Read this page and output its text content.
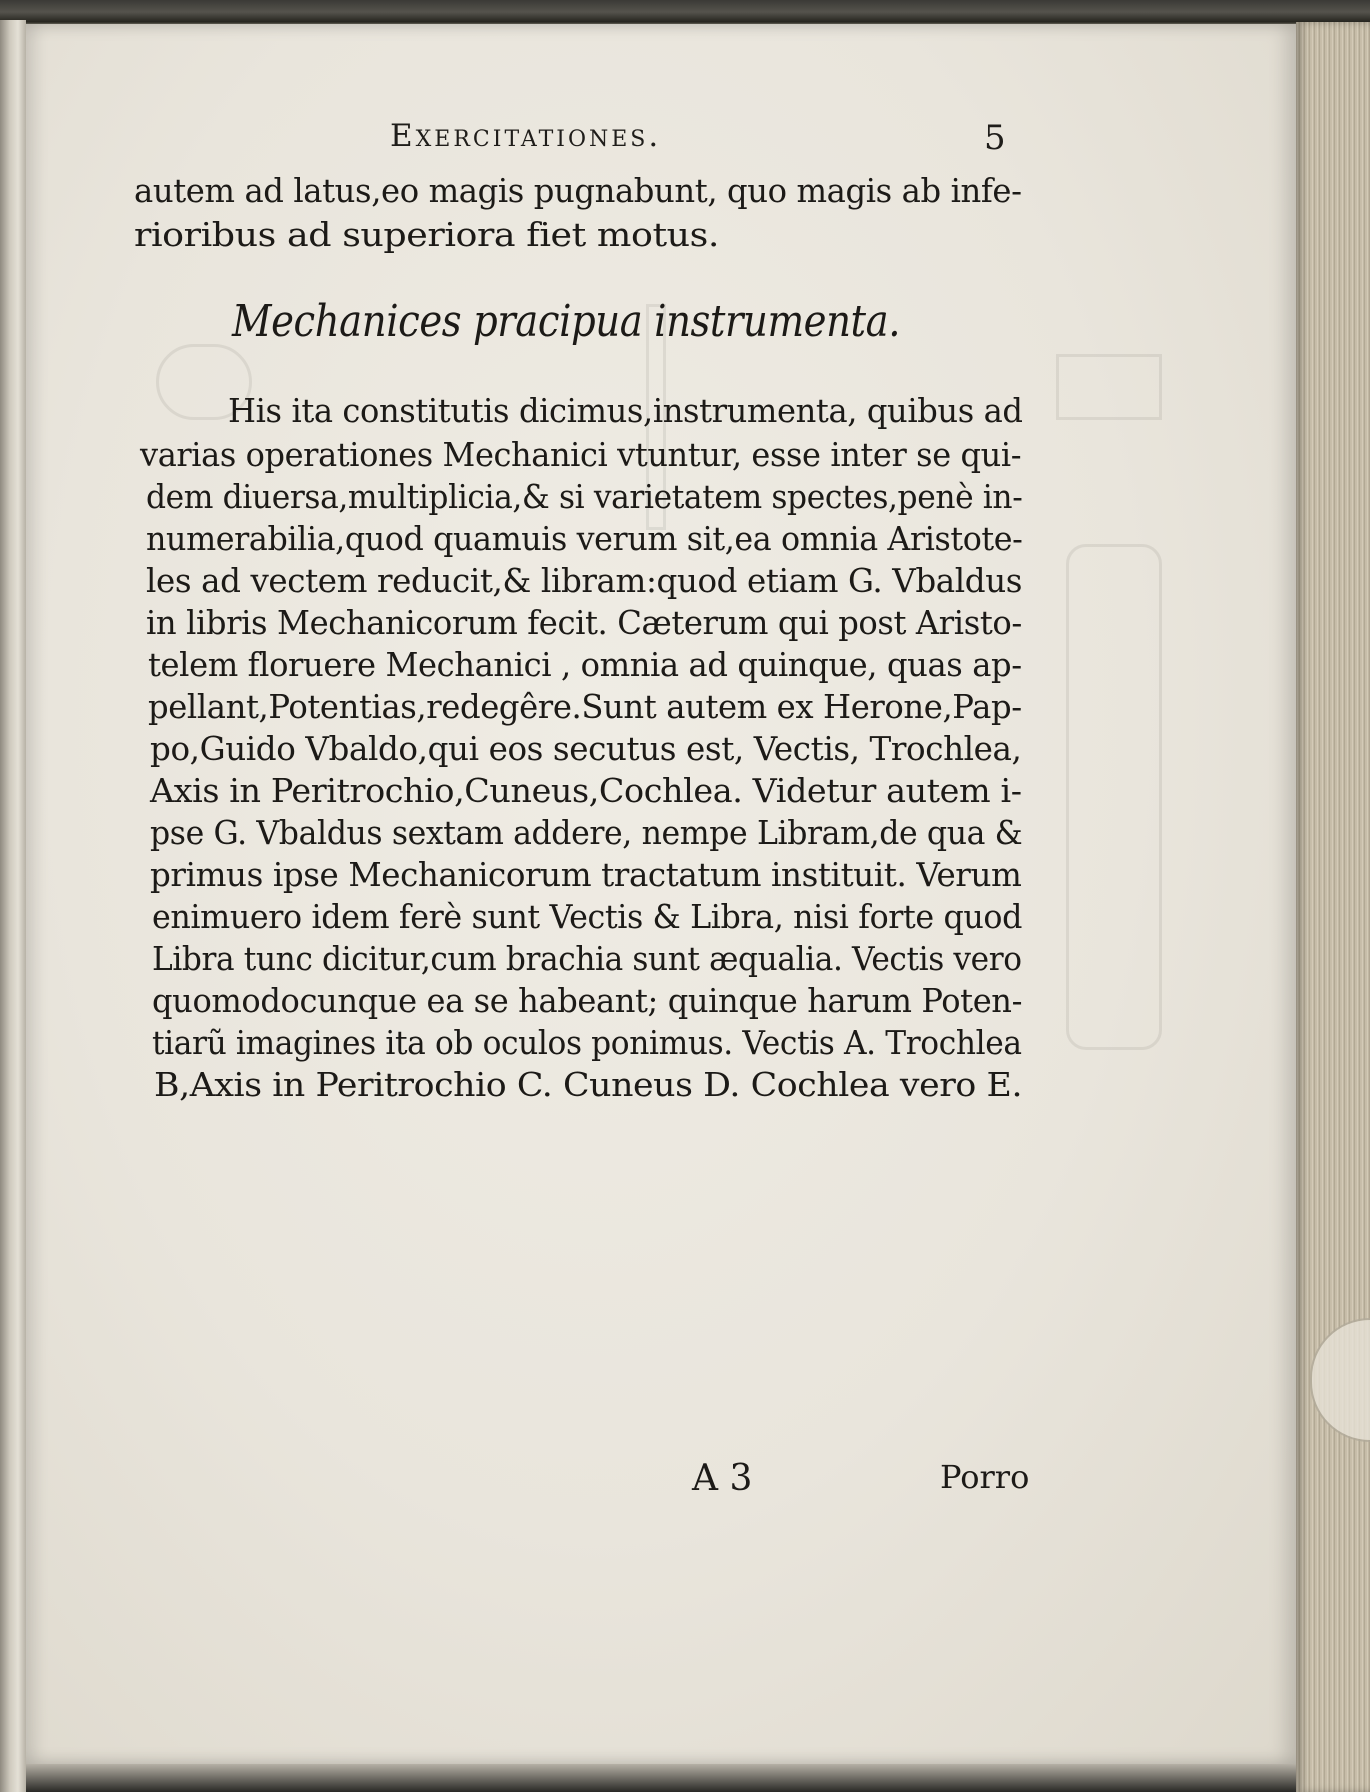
Exercitationes.	5
autem ad latus,eo magis pugnabunt, quo magis ab infe-
rioribus ad superiora fiet motus.
Mechanices pracipua instrumenta.
His ita constitutis dicimus,instrumenta, quibus ad
varias operationes Mechanici vtuntur, esse inter se qui-
dem diuersa,multiplicia,& si varietatem spectes,penè in-
numerabilia,quod quamuis verum sit,ea omnia Aristote-
les ad vectem reducit,& libram:quod etiam G. Vbaldus
in libris Mechanicorum fecit. Cæterum qui post Aristo-
telem floruere Mechanici , omnia ad quinque, quas ap-
pellant,Potentias,redegêre.Sunt autem ex Herone,Pap-
po,Guido Vbaldo,qui eos secutus est, Vectis, Trochlea,
Axis in Peritrochio,Cuneus,Cochlea. Videtur autem i-
pse G. Vbaldus sextam addere, nempe Libram,de qua &
primus ipse Mechanicorum tractatum instituit. Verum
enimuero idem ferè sunt Vectis & Libra, nisi forte quod
Libra tunc dicitur,cum brachia sunt æqualia. Vectis vero
quomodocunque ea se habeant; quinque harum Poten-
tiarũ imagines ita ob oculos ponimus. Vectis A. Trochlea
B,Axis in Peritrochio C. Cuneus D. Cochlea vero E.
A 3	Porro
